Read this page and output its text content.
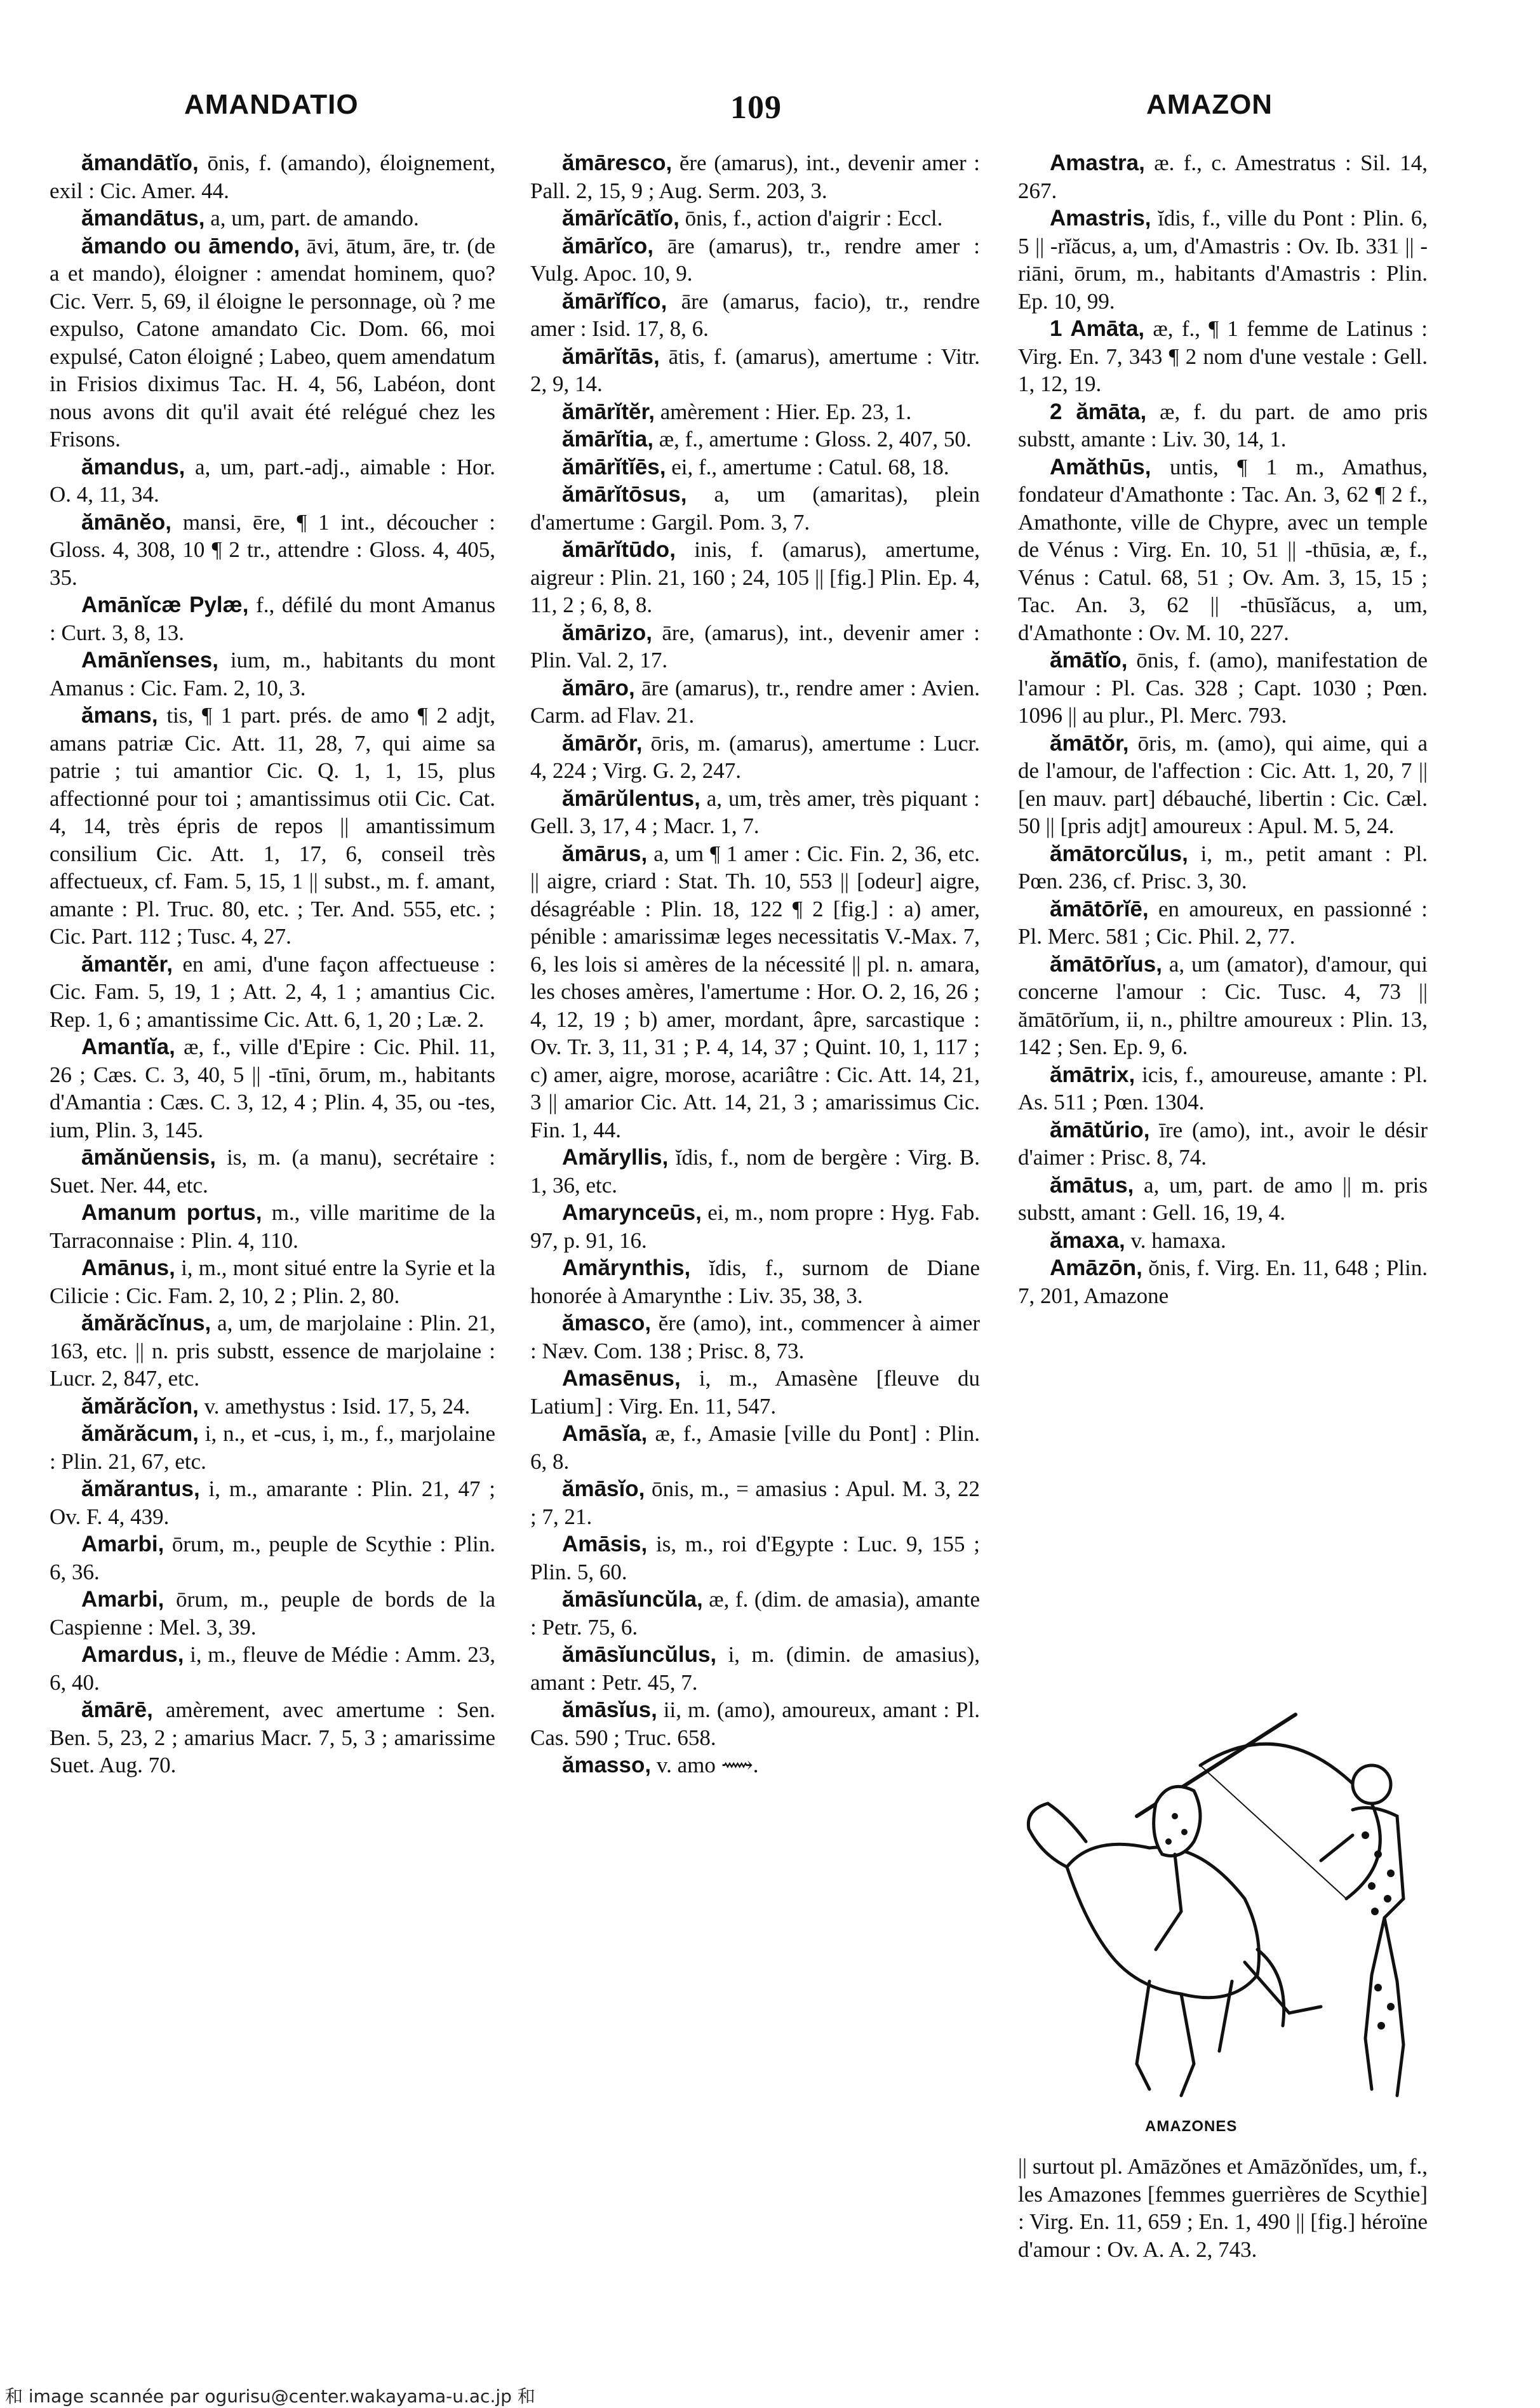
AMANDATIO	109	AMAZON

ămandātĭo, ōnis, f. (amando), éloignement, exil : Cic. Amer. 44.

ămandātus, a, um, part. de amando.

ămando ou āmendo, āvi, ātum, āre, tr. (de a et mando), éloigner : amendat hominem, quo? Cic. Verr. 5, 69, il éloigne le personnage, où ? me expulso, Catone amandato Cic. Dom. 66, moi expulsé, Caton éloigné ; Labeo, quem amendatum in Frisios diximus Tac. H. 4, 56, Labéon, dont nous avons dit qu'il avait été relégué chez les Frisons.

ămandus, a, um, part.-adj., aimable : Hor. O. 4, 11, 34.

ămānĕo, mansi, ēre, ¶ 1 int., découcher : Gloss. 4, 308, 10 ¶ 2 tr., attendre : Gloss. 4, 405, 35.

Amānĭcæ Pylæ, f., défilé du mont Amanus : Curt. 3, 8, 13.

Amānĭenses, ium, m., habitants du mont Amanus : Cic. Fam. 2, 10, 3.

ămans, tis, ¶ 1 part. prés. de amo ¶ 2 adjt, amans patriæ Cic. Att. 11, 28, 7, qui aime sa patrie ; tui amantior Cic. Q. 1, 1, 15, plus affectionné pour toi ; amantissimus otii Cic. Cat. 4, 14, très épris de repos || amantissimum consilium Cic. Att. 1, 17, 6, conseil très affectueux, cf. Fam. 5, 15, 1 || subst., m. f. amant, amante : Pl. Truc. 80, etc. ; Ter. And. 555, etc. ; Cic. Part. 112 ; Tusc. 4, 27.

ămantĕr, en ami, d'une façon affectueuse : Cic. Fam. 5, 19, 1 ; Att. 2, 4, 1 ; amantius Cic. Rep. 1, 6 ; amantissime Cic. Att. 6, 1, 20 ; Læ. 2.

Amantĭa, æ, f., ville d'Epire : Cic. Phil. 11, 26 ; Cæs. C. 3, 40, 5 || -tīni, ōrum, m., habitants d'Amantia : Cæs. C. 3, 12, 4 ; Plin. 4, 35, ou -tes, ium, Plin. 3, 145.

āmănŭensis, is, m. (a manu), secrétaire : Suet. Ner. 44, etc.

Amanum portus, m., ville maritime de la Tarraconnaise : Plin. 4, 110.

Amānus, i, m., mont situé entre la Syrie et la Cilicie : Cic. Fam. 2, 10, 2 ; Plin. 2, 80.

ămărăcĭnus, a, um, de marjolaine : Plin. 21, 163, etc. || n. pris substt, essence de marjolaine : Lucr. 2, 847, etc.

ămărăcĭon, v. amethystus : Isid. 17, 5, 24.

ămărăcum, i, n., et -cus, i, m., f., marjolaine : Plin. 21, 67, etc.

ămărantus, i, m., amarante : Plin. 21, 47 ; Ov. F. 4, 439.

Amarbi, ōrum, m., peuple de Scythie : Plin. 6, 36.

Amarbi, ōrum, m., peuple de bords de la Caspienne : Mel. 3, 39.

Amardus, i, m., fleuve de Médie : Amm. 23, 6, 40.

ămārē, amèrement, avec amertume : Sen. Ben. 5, 23, 2 ; amarius Macr. 7, 5, 3 ; amarissime Suet. Aug. 70.

ămāresco, ĕre (amarus), int., devenir amer : Pall. 2, 15, 9 ; Aug. Serm. 203, 3.

ămārĭcātĭo, ōnis, f., action d'aigrir : Eccl.

ămārĭco, āre (amarus), tr., rendre amer : Vulg. Apoc. 10, 9.

ămārĭfĭco, āre (amarus, facio), tr., rendre amer : Isid. 17, 8, 6.

ămārĭtās, ātis, f. (amarus), amertume : Vitr. 2, 9, 14.

ămārĭtĕr, amèrement : Hier. Ep. 23, 1.

ămārĭtia, æ, f., amertume : Gloss. 2, 407, 50.

ămārĭtĭēs, ei, f., amertume : Catul. 68, 18.

ămārĭtōsus, a, um (amaritas), plein d'amertume : Gargil. Pom. 3, 7.

ămārĭtūdo, inis, f. (amarus), amertume, aigreur : Plin. 21, 160 ; 24, 105 || [fig.] Plin. Ep. 4, 11, 2 ; 6, 8, 8.

ămārizo, āre, (amarus), int., devenir amer : Plin. Val. 2, 17.

ămāro, āre (amarus), tr., rendre amer : Avien. Carm. ad Flav. 21.

ămārŏr, ōris, m. (amarus), amertume : Lucr. 4, 224 ; Virg. G. 2, 247.

ămārŭlentus, a, um, très amer, très piquant : Gell. 3, 17, 4 ; Macr. 1, 7.

ămārus, a, um ¶ 1 amer : Cic. Fin. 2, 36, etc. || aigre, criard : Stat. Th. 10, 553 || [odeur] aigre, désagréable : Plin. 18, 122 ¶ 2 [fig.] : a) amer, pénible : amarissimæ leges necessitatis V.-Max. 7, 6, les lois si amères de la nécessité || pl. n. amara, les choses amères, l'amertume : Hor. O. 2, 16, 26 ; 4, 12, 19 ; b) amer, mordant, âpre, sarcastique : Ov. Tr. 3, 11, 31 ; P. 4, 14, 37 ; Quint. 10, 1, 117 ; c) amer, aigre, morose, acariâtre : Cic. Att. 14, 21, 3 || amarior Cic. Att. 14, 21, 3 ; amarissimus Cic. Fin. 1, 44.

Amăryllis, ĭdis, f., nom de bergère : Virg. B. 1, 36, etc.

Amarynceūs, ei, m., nom propre : Hyg. Fab. 97, p. 91, 16.

Amărynthis, ĭdis, f., surnom de Diane honorée à Amarynthe : Liv. 35, 38, 3.

ămasco, ĕre (amo), int., commencer à aimer : Næv. Com. 138 ; Prisc. 8, 73.

Amasēnus, i, m., Amasène [fleuve du Latium] : Virg. En. 11, 547.

Amāsĭa, æ, f., Amasie [ville du Pont] : Plin. 6, 8.

ămāsĭo, ōnis, m., = amasius : Apul. M. 3, 22 ; 7, 21.

Amāsis, is, m., roi d'Egypte : Luc. 9, 155 ; Plin. 5, 60.

ămāsĭuncŭla, æ, f. (dim. de amasia), amante : Petr. 75, 6.

ămāsĭuncŭlus, i, m. (dimin. de amasius), amant : Petr. 45, 7.

ămāsĭus, ii, m. (amo), amoureux, amant : Pl. Cas. 590 ; Truc. 658.

ămasso, v. amo ⟿.

Amastra, æ. f., c. Amestratus : Sil. 14, 267.

Amastris, ĭdis, f., ville du Pont : Plin. 6, 5 || -rĭăcus, a, um, d'Amastris : Ov. Ib. 331 || -riāni, ōrum, m., habitants d'Amastris : Plin. Ep. 10, 99.

1 Amāta, æ, f., ¶ 1 femme de Latinus : Virg. En. 7, 343 ¶ 2 nom d'une vestale : Gell. 1, 12, 19.

2 ămāta, æ, f. du part. de amo pris substt, amante : Liv. 30, 14, 1.

Amăthūs, untis, ¶ 1 m., Amathus, fondateur d'Amathonte : Tac. An. 3, 62 ¶ 2 f., Amathonte, ville de Chypre, avec un temple de Vénus : Virg. En. 10, 51 || -thūsia, æ, f., Vénus : Catul. 68, 51 ; Ov. Am. 3, 15, 15 ; Tac. An. 3, 62 || -thūsĭăcus, a, um, d'Amathonte : Ov. M. 10, 227.

ămātĭo, ōnis, f. (amo), manifestation de l'amour : Pl. Cas. 328 ; Capt. 1030 ; Pœn. 1096 || au plur., Pl. Merc. 793.

ămātŏr, ōris, m. (amo), qui aime, qui a de l'amour, de l'affection : Cic. Att. 1, 20, 7 || [en mauv. part] débauché, libertin : Cic. Cæl. 50 || [pris adjt] amoureux : Apul. M. 5, 24.

ămātorcŭlus, i, m., petit amant : Pl. Pœn. 236, cf. Prisc. 3, 30.

ămātōrĭē, en amoureux, en passionné : Pl. Merc. 581 ; Cic. Phil. 2, 77.

ămātōrĭus, a, um (amator), d'amour, qui concerne l'amour : Cic. Tusc. 4, 73 || ămātōrĭum, ii, n., philtre amoureux : Plin. 13, 142 ; Sen. Ep. 9, 6.

ămātrix, icis, f., amoureuse, amante : Pl. As. 511 ; Pœn. 1304.

ămātŭrio, īre (amo), int., avoir le désir d'aimer : Prisc. 8, 74.

ămātus, a, um, part. de amo || m. pris substt, amant : Gell. 16, 19, 4.

ămaxa, v. hamaxa.

Amāzōn, ŏnis, f. Virg. En. 11, 648 ; Plin. 7, 201, Amazone

AMAZONES
|| surtout pl. Amāzŏnes et Amāzŏnĭdes, um, f., les Amazones [femmes guerrières de Scythie] : Virg. En. 11, 659 ; En. 1, 490 || [fig.] héroïne d'amour : Ov. A. A. 2, 743.
和 image scannée par ogurisu@center.wakayama-u.ac.jp 和
